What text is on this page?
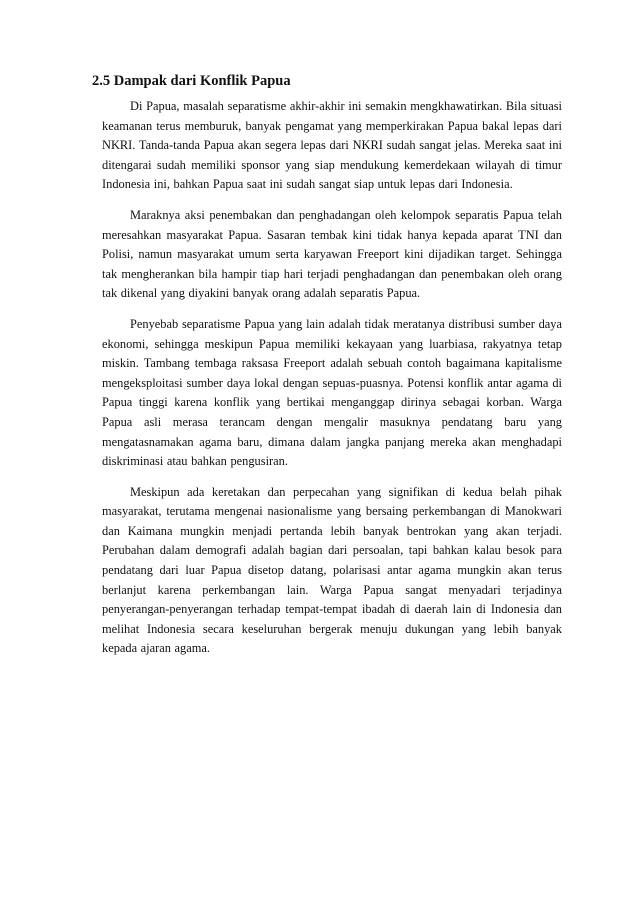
2.5 Dampak dari Konflik Papua

Di Papua, masalah separatisme akhir-akhir ini semakin mengkhawatirkan. Bila situasi keamanan terus memburuk, banyak pengamat yang memperkirakan Papua bakal lepas dari NKRI. Tanda-tanda Papua akan segera lepas dari NKRI sudah sangat jelas. Mereka saat ini ditengarai sudah memiliki sponsor yang siap mendukung kemerdekaan wilayah di timur Indonesia ini, bahkan Papua saat ini sudah sangat siap untuk lepas dari Indonesia.

Maraknya aksi penembakan dan penghadangan oleh kelompok separatis Papua telah meresahkan masyarakat Papua. Sasaran tembak kini tidak hanya kepada aparat TNI dan Polisi, namun masyarakat umum serta karyawan Freeport kini dijadikan target. Sehingga tak mengherankan bila hampir tiap hari terjadi penghadangan dan penembakan oleh orang tak dikenal yang diyakini banyak orang adalah separatis Papua.

Penyebab separatisme Papua yang lain adalah tidak meratanya distribusi sumber daya ekonomi, sehingga meskipun Papua memiliki kekayaan yang luarbiasa, rakyatnya tetap miskin. Tambang tembaga raksasa Freeport adalah sebuah contoh bagaimana kapitalisme mengeksploitasi sumber daya lokal dengan sepuas-puasnya. Potensi konflik antar agama di Papua tinggi karena konflik yang bertikai menganggap dirinya sebagai korban. Warga Papua asli merasa terancam dengan mengalir masuknya pendatang baru yang mengatasnamakan agama baru, dimana dalam jangka panjang mereka akan menghadapi diskriminasi atau bahkan pengusiran.

Meskipun ada keretakan dan perpecahan yang signifikan di kedua belah pihak masyarakat, terutama mengenai nasionalisme yang bersaing perkembangan di Manokwari dan Kaimana mungkin menjadi pertanda lebih banyak bentrokan yang akan terjadi. Perubahan dalam demografi adalah bagian dari persoalan, tapi bahkan kalau besok para pendatang dari luar Papua disetop datang, polarisasi antar agama mungkin akan terus berlanjut karena perkembangan lain. Warga Papua sangat menyadari terjadinya penyerangan-penyerangan terhadap tempat-tempat ibadah di daerah lain di Indonesia dan melihat Indonesia secara keseluruhan bergerak menuju dukungan yang lebih banyak kepada ajaran agama.
